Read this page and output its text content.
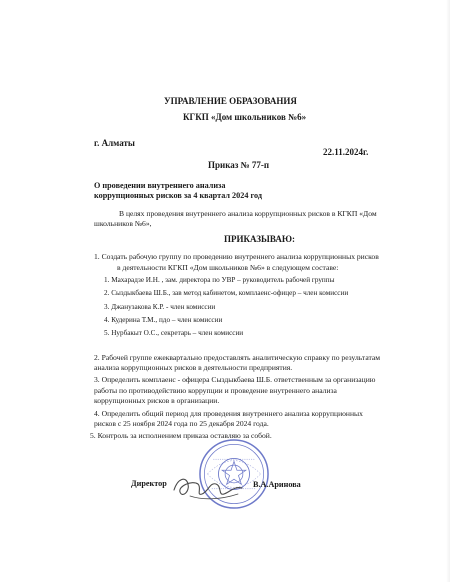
УПРАВЛЕНИЕ ОБРАЗОВАНИЯ
КГКП «Дом школьников №6»
г. Алматы
22.11.2024г.
Приказ № 77-п
О проведении внутреннего анализа
коррупционных рисков за 4 квартал 2024 год
В целях проведения внутреннего анализа коррупционных рисков в КГКП «Дом
школьников №6»,
ПРИКАЗЫВАЮ:
1. Создать рабочую группу по проведению внутреннего анализа коррупционных рисков
в деятельности КГКП «Дом школьников №6» в следующем составе:
1. Махарадзе И.Н. , зам. директора по УВР – руководитель рабочей группы
2. Сыздыкбаева Ш.Б., зав метод кабинетом, комплаенс-офицер – член комиссии
3. Джанузакова К.Р. - член комиссии
4. Кудерина Т.М., пдо – член комиссии
5. Нурбакыт О.С., секретарь – член комиссии
2. Рабочей группе ежеквартально предоставлять аналитическую справку по результатам
анализа коррупционных рисков в деятельности предприятия.
3. Определить комплаенс - офицера Сыздыкбаева Ш.Б. ответственным за организацию
работы по противодействию коррупции и проведение внутреннего анализа
коррупционных рисков в организации.
4. Определить общий период для проведения внутреннего анализа коррупционных
рисков с 25 ноября 2024 года по 25 декабря 2024 года.
5. Контроль за исполнением приказа оставляю за собой.
Директор	В.А.Аринова
